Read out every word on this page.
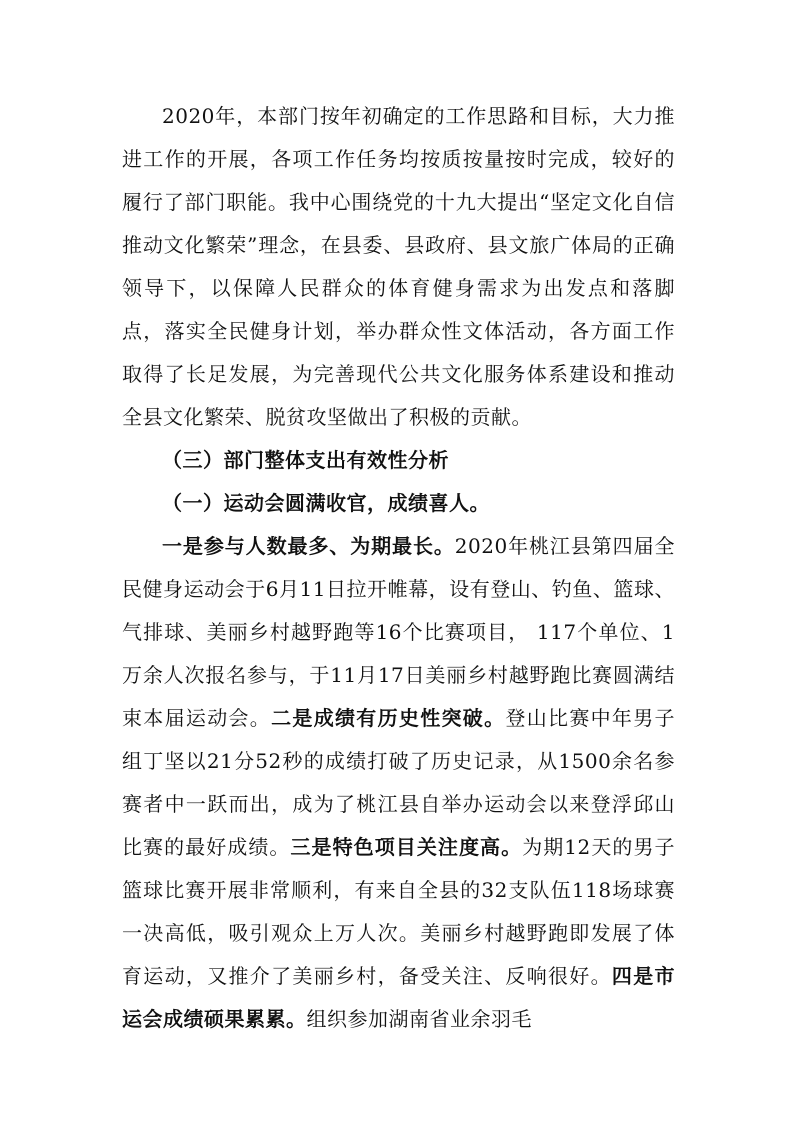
2020年，本部门按年初确定的工作思路和目标，大力推进工作的开展，各项工作任务均按质按量按时完成，较好的履行了部门职能。我中心围绕党的十九大提出“坚定文化自信 推动文化繁荣”理念，在县委、县政府、县文旅广体局的正确领导下，以保障人民群众的体育健身需求为出发点和落脚点，落实全民健身计划，举办群众性文体活动，各方面工作取得了长足发展，为完善现代公共文化服务体系建设和推动全县文化繁荣、脱贫攻坚做出了积极的贡献。

（三）部门整体支出有效性分析

（一）运动会圆满收官，成绩喜人。

一是参与人数最多、为期最长。2020年桃江县第四届全民健身运动会于6月11日拉开帷幕，设有登山、钓鱼、篮球、气排球、美丽乡村越野跑等16个比赛项目， 117个单位、1万余人次报名参与，于11月17日美丽乡村越野跑比赛圆满结束本届运动会。二是成绩有历史性突破。登山比赛中年男子组丁坚以21分52秒的成绩打破了历史记录，从1500余名参赛者中一跃而出，成为了桃江县自举办运动会以来登浮邱山比赛的最好成绩。三是特色项目关注度高。为期12天的男子篮球比赛开展非常顺利，有来自全县的32支队伍118场球赛一决高低，吸引观众上万人次。美丽乡村越野跑即发展了体育运动，又推介了美丽乡村，备受关注、反响很好。四是市运会成绩硕果累累。组织参加湖南省业余羽毛
